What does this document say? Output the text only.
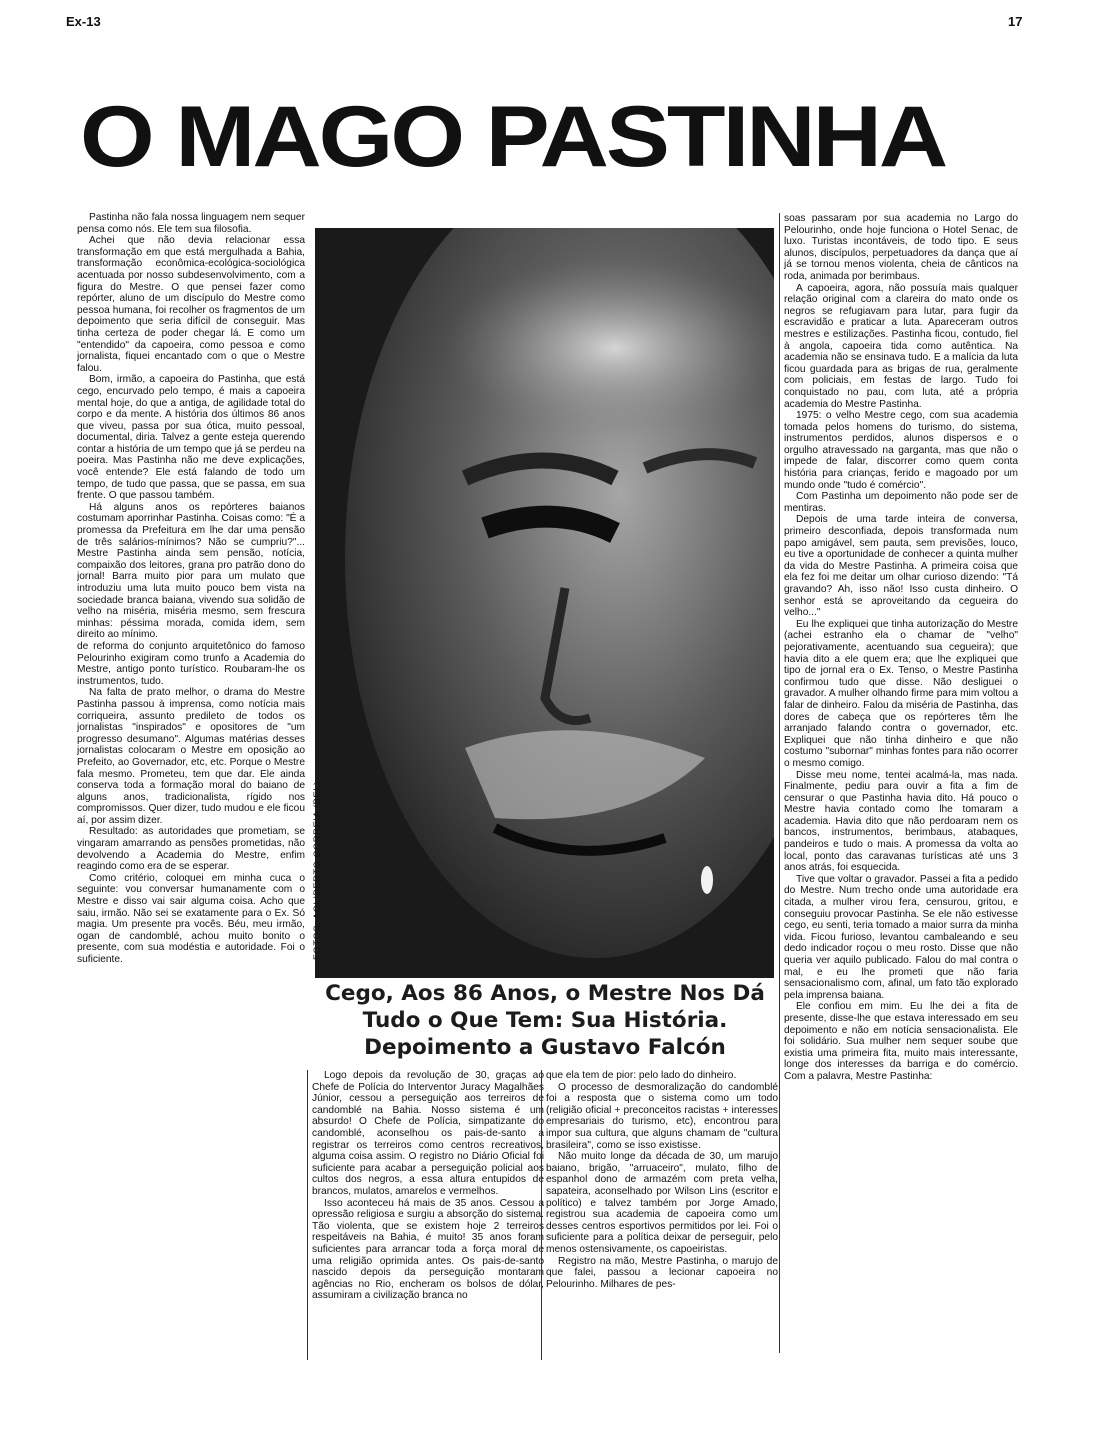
Ex-13	17
O MAGO PASTINHA

Pastinha não fala nossa linguagem nem sequer pensa como nós. Ele tem sua filosofia.

Achei que não devia relacionar essa transformação em que está mergulhada a Bahia, transformação econômica-ecológica-sociológica acentuada por nosso subdesenvolvimento, com a figura do Mestre. O que pensei fazer como repórter, aluno de um discípulo do Mestre como pessoa humana, foi recolher os fragmentos de um depoimento que seria difícil de conseguir. Mas tinha certeza de poder chegar lá. E como um "entendido" da capoeira, como pessoa e como jornalista, fiquei encantado com o que o Mestre falou.

Bom, irmão, a capoeira do Pastinha, que está cego, encurvado pelo tempo, é mais a capoeira mental hoje, do que a antiga, de agilidade total do corpo e da mente. A história dos últimos 86 anos que viveu, passa por sua ótica, muito pessoal, documental, diria. Talvez a gente esteja querendo contar a história de um tempo que já se perdeu na poeira. Mas Pastinha não me deve explicações, você entende? Ele está falando de todo um tempo, de tudo que passa, que se passa, em sua frente. O que passou também.

Há alguns anos os repórteres baianos costumam aporrinhar Pastinha. Coisas como: "É a promessa da Prefeitura em lhe dar uma pensão de três salários-mínimos? Não se cumpriu?"... Mestre Pastinha ainda sem pensão, notícia, compaixão dos leitores, grana pro patrão dono do jornal! Barra muito pior para um mulato que introduziu uma luta muito pouco bem vista na sociedade branca baiana, vivendo sua solidão de velho na miséria, miséria mesmo, sem frescura minhas: péssima morada, comida idem, sem direito ao mínimo.

de reforma do conjunto arquitetônico do famoso Pelourinho exigiram como trunfo a Academia do Mestre, antigo ponto turístico. Roubaram-lhe os instrumentos, tudo.

Na falta de prato melhor, o drama do Mestre Pastinha passou à imprensa, como notícia mais corriqueira, assunto predileto de todos os jornalistas "inspirados" e opositores de "um progresso desumano". Algumas matérias desses jornalistas colocaram o Mestre em oposição ao Prefeito, ao Governador, etc, etc. Porque o Mestre fala mesmo. Prometeu, tem que dar. Ele ainda conserva toda a formação moral do baiano de alguns anos, tradicionalista, rígido nos compromissos. Quer dizer, tudo mudou e ele ficou aí, por assim dizer.

Resultado: as autoridades que prometiam, se vingaram amarrando as pensões prometidas, não devolvendo a Academia do Mestre, enfim reagindo como era de se esperar.

Como critério, coloquei em minha cuca o seguinte: vou conversar humanamente com o Mestre e disso vai sair alguma coisa. Acho que saiu, irmão. Não sei se exatamente para o Ex. Só magia. Um presente pra vocês. Béu, meu irmão, ogan de candomblé, achou muito bonito o presente, com sua modéstia e autoridade. Foi o suficiente.	FOTOS: AGLIBERTO CORREIA (BEL)
Cego, Aos 86 Anos, o Mestre Nos Dá Tudo o Que Tem: Sua História. Depoimento a Gustavo Falcón

Logo depois da revolução de 30, graças ao Chefe de Polícia do Interventor Juracy Magalhães Júnior, cessou a perseguição aos terreiros de candomblé na Bahia. Nosso sistema é um absurdo! O Chefe de Polícia, simpatizante do candomblé, aconselhou os pais-de-santo a registrar os terreiros como centros recreativos, alguma coisa assim. O registro no Diário Oficial foi suficiente para acabar a perseguição policial aos cultos dos negros, a essa altura entupidos de brancos, mulatos, amarelos e vermelhos.

Isso aconteceu há mais de 35 anos. Cessou a opressão religiosa e surgiu a absorção do sistema. Tão violenta, que se existem hoje 2 terreiros respeitáveis na Bahia, é muito! 35 anos foram suficientes para arrancar toda a força moral de uma religião oprimida antes. Os pais-de-santo nascido depois da perseguição montaram agências no Rio, encheram os bolsos de dólar, assumiram a civilização branca no

que ela tem de pior: pelo lado do dinheiro.

O processo de desmoralização do candomblé foi a resposta que o sistema como um todo (religião oficial + preconceitos racistas + interesses empresariais do turismo, etc), encontrou para impor sua cultura, que alguns chamam de "cultura brasileira", como se isso existisse.

Não muito longe da década de 30, um marujo baiano, brigão, "arruaceiro", mulato, filho de espanhol dono de armazém com preta velha, sapateira, aconselhado por Wilson Lins (escritor e político) e talvez também por Jorge Amado, registrou sua academia de capoeira como um desses centros esportivos permitidos por lei. Foi o suficiente para a política deixar de perseguir, pelo menos ostensivamente, os capoeiristas.

Registro na mão, Mestre Pastinha, o marujo de que falei, passou a lecionar capoeira no Pelourinho. Milhares de pes-

soas passaram por sua academia no Largo do Pelourinho, onde hoje funciona o Hotel Senac, de luxo. Turistas incontáveis, de todo tipo. E seus alunos, discípulos, perpetuadores da dança que aí já se tornou menos violenta, cheia de cânticos na roda, animada por berimbaus.

A capoeira, agora, não possuía mais qualquer relação original com a clareira do mato onde os negros se refugiavam para lutar, para fugir da escravidão e praticar a luta. Apareceram outros mestres e estilizações. Pastinha ficou, contudo, fiel à angola, capoeira tida como autêntica. Na academia não se ensinava tudo. E a malícia da luta ficou guardada para as brigas de rua, geralmente com policiais, em festas de largo. Tudo foi conquistado no pau, com luta, até a própria academia do Mestre Pastinha.

1975: o velho Mestre cego, com sua academia tomada pelos homens do turismo, do sistema, instrumentos perdidos, alunos dispersos e o orgulho atravessado na garganta, mas que não o impede de falar, discorrer como quem conta história para crianças, ferido e magoado por um mundo onde "tudo é comércio".

Com Pastinha um depoimento não pode ser de mentiras.

Depois de uma tarde inteira de conversa, primeiro desconfiada, depois transformada num papo amigável, sem pauta, sem previsões, louco, eu tive a oportunidade de conhecer a quinta mulher da vida do Mestre Pastinha. A primeira coisa que ela fez foi me deitar um olhar curioso dizendo: "Tá gravando? Ah, isso não! Isso custa dinheiro. O senhor está se aproveitando da cegueira do velho..."

Eu lhe expliquei que tinha autorização do Mestre (achei estranho ela o chamar de "velho" pejorativamente, acentuando sua cegueira); que havia dito a ele quem era; que lhe expliquei que tipo de jornal era o Ex. Tenso, o Mestre Pastinha confirmou tudo que disse. Não desliguei o gravador. A mulher olhando firme para mim voltou a falar de dinheiro. Falou da miséria de Pastinha, das dores de cabeça que os repórteres têm lhe arranjado falando contra o governador, etc. Expliquei que não tinha dinheiro e que não costumo "subornar" minhas fontes para não ocorrer o mesmo comigo.

Disse meu nome, tentei acalmá-la, mas nada. Finalmente, pediu para ouvir a fita a fim de censurar o que Pastinha havia dito. Há pouco o Mestre havia contado como lhe tomaram a academia. Havia dito que não perdoaram nem os bancos, instrumentos, berimbaus, atabaques, pandeiros e tudo o mais. A promessa da volta ao local, ponto das caravanas turísticas até uns 3 anos atrás, foi esquecida.

Tive que voltar o gravador. Passei a fita a pedido do Mestre. Num trecho onde uma autoridade era citada, a mulher virou fera, censurou, gritou, e conseguiu provocar Pastinha. Se ele não estivesse cego, eu senti, teria tomado a maior surra da minha vida. Ficou furioso, levantou cambaleando e seu dedo indicador roçou o meu rosto. Disse que não queria ver aquilo publicado. Falou do mal contra o mal, e eu lhe prometi que não faria sensacionalismo com, afinal, um fato tão explorado pela imprensa baiana.

Ele confiou em mim. Eu lhe dei a fita de presente, disse-lhe que estava interessado em seu depoimento e não em notícia sensacionalista. Ele foi solidário. Sua mulher nem sequer soube que existia uma primeira fita, muito mais interessante, longe dos interesses da barriga e do comércio. Com a palavra, Mestre Pastinha:
